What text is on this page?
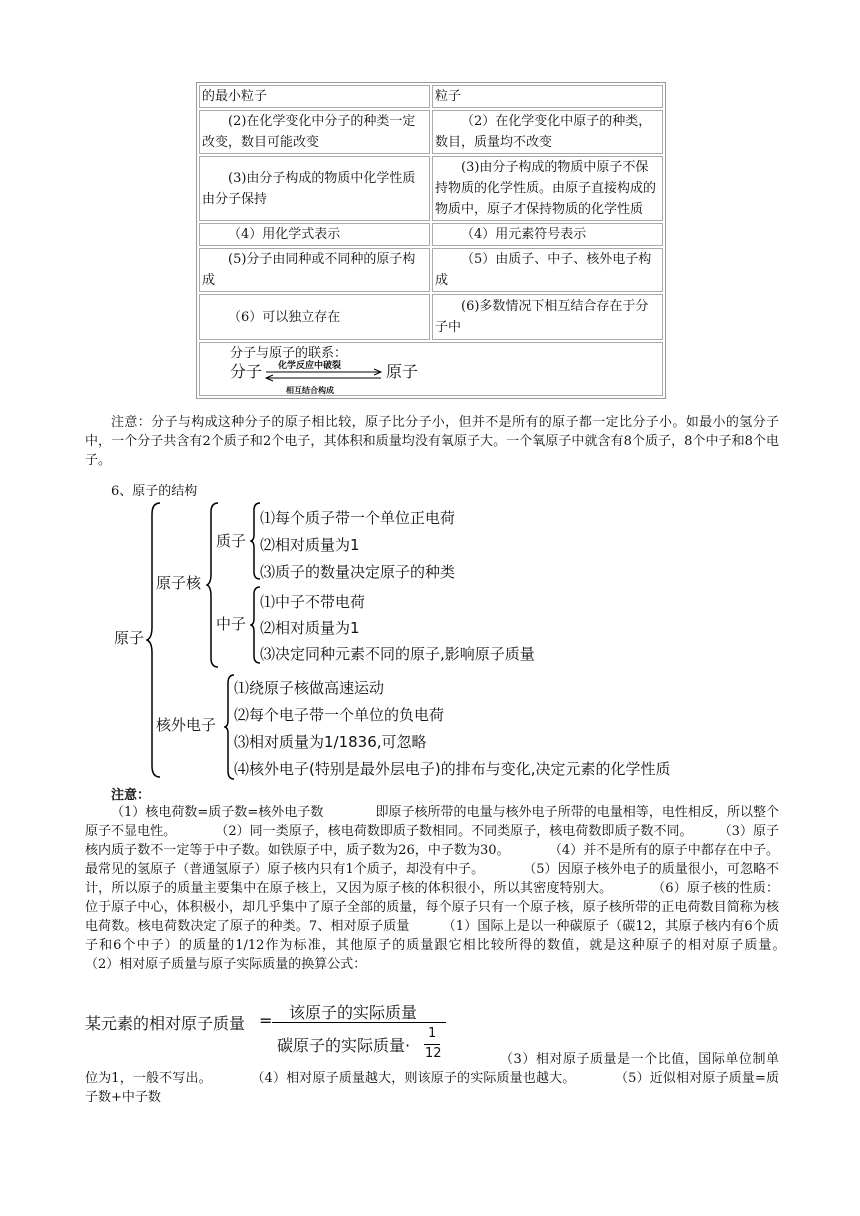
的最小粒子	粒子
(2)在化学变化中分子的种类一定改变，数目可能改变	（2）在化学变化中原子的种类，数目，质量均不改变
(3)由分子构成的物质中化学性质由分子保持	(3)由分子构成的物质中原子不保持物质的化学性质。由原子直接构成的物质中，原子才保持物质的化学性质
（4）用化学式表示	（4）用元素符号表示
(5)分子由同种或不同种的原子构成	（5）由质子、中子、核外电子构成
（6）可以独立存在	(6)多数情况下相互结合存在于分子中

分子与原子的联系：
分子 化学反应中破裂
相互结合构成
原子	
注意：分子与构成这种分子的原子相比较，原子比分子小，但并不是所有的原子都一定比分子小。如最小的氢分子中，一个分子共含有2个质子和2个电子，其体积和质量均没有氧原子大。一个氧原子中就含有8个质子，8个中子和8个电子。
6、原子的结构
原子
原子核
质子
⑴每个质子带一个单位正电荷
⑵相对质量为1
⑶质子的数量决定原子的种类
中子
⑴中子不带电荷
⑵相对质量为1
⑶决定同种元素不同的原子,影响原子质量
核外电子
⑴绕原子核做高速运动
⑵每个电子带一个单位的负电荷
⑶相对质量为1/1836,可忽略
⑷核外电子(特别是最外层电子)的排布与变化,决定元素的化学性质
注意：
（1）核电荷数=质子数=核外电子数　　　　即原子核所带的电量与核外电子所带的电量相等，电性相反，所以整个原子不显电性。　　　　（2）同一类原子，核电荷数即质子数相同。不同类原子，核电荷数即质子数不同。　　　（3）原子核内质子数不一定等于中子数。如铁原子中，质子数为26，中子数为30。　　　　（4）并不是所有的原子中都存在中子。最常见的氢原子（普通氢原子）原子核内只有1个质子，却没有中子。　　　　（5）因原子核外电子的质量很小，可忽略不计，所以原子的质量主要集中在原子核上，又因为原子核的体积很小，所以其密度特别大。　　　　（6）原子核的性质：位于原子中心，体积极小，却几乎集中了原子全部的质量，每个原子只有一个原子核，原子核所带的正电荷数目简称为核电荷数。核电荷数决定了原子的种类。7、相对原子质量　　　（1）国际上是以一种碳原子（碳12，其原子核内有6个质子和6个中子）的质量的1/12作为标准，其他原子的质量跟它相比较所得的数值，就是这种原子的相对原子质量。　　　　（2）相对原子质量与原子实际质量的换算公式：
某元素的相对原子质量 = 该原子的实际质量
碳原子的实际质量·
1
12	（3）相对原子质量是一个比值，国际单位制单位为1，一般不写出。　　　　（4）相对原子质量越大，则该原子的实际质量也越大。　　　　（5）近似相对原子质量=质子数+中子数
